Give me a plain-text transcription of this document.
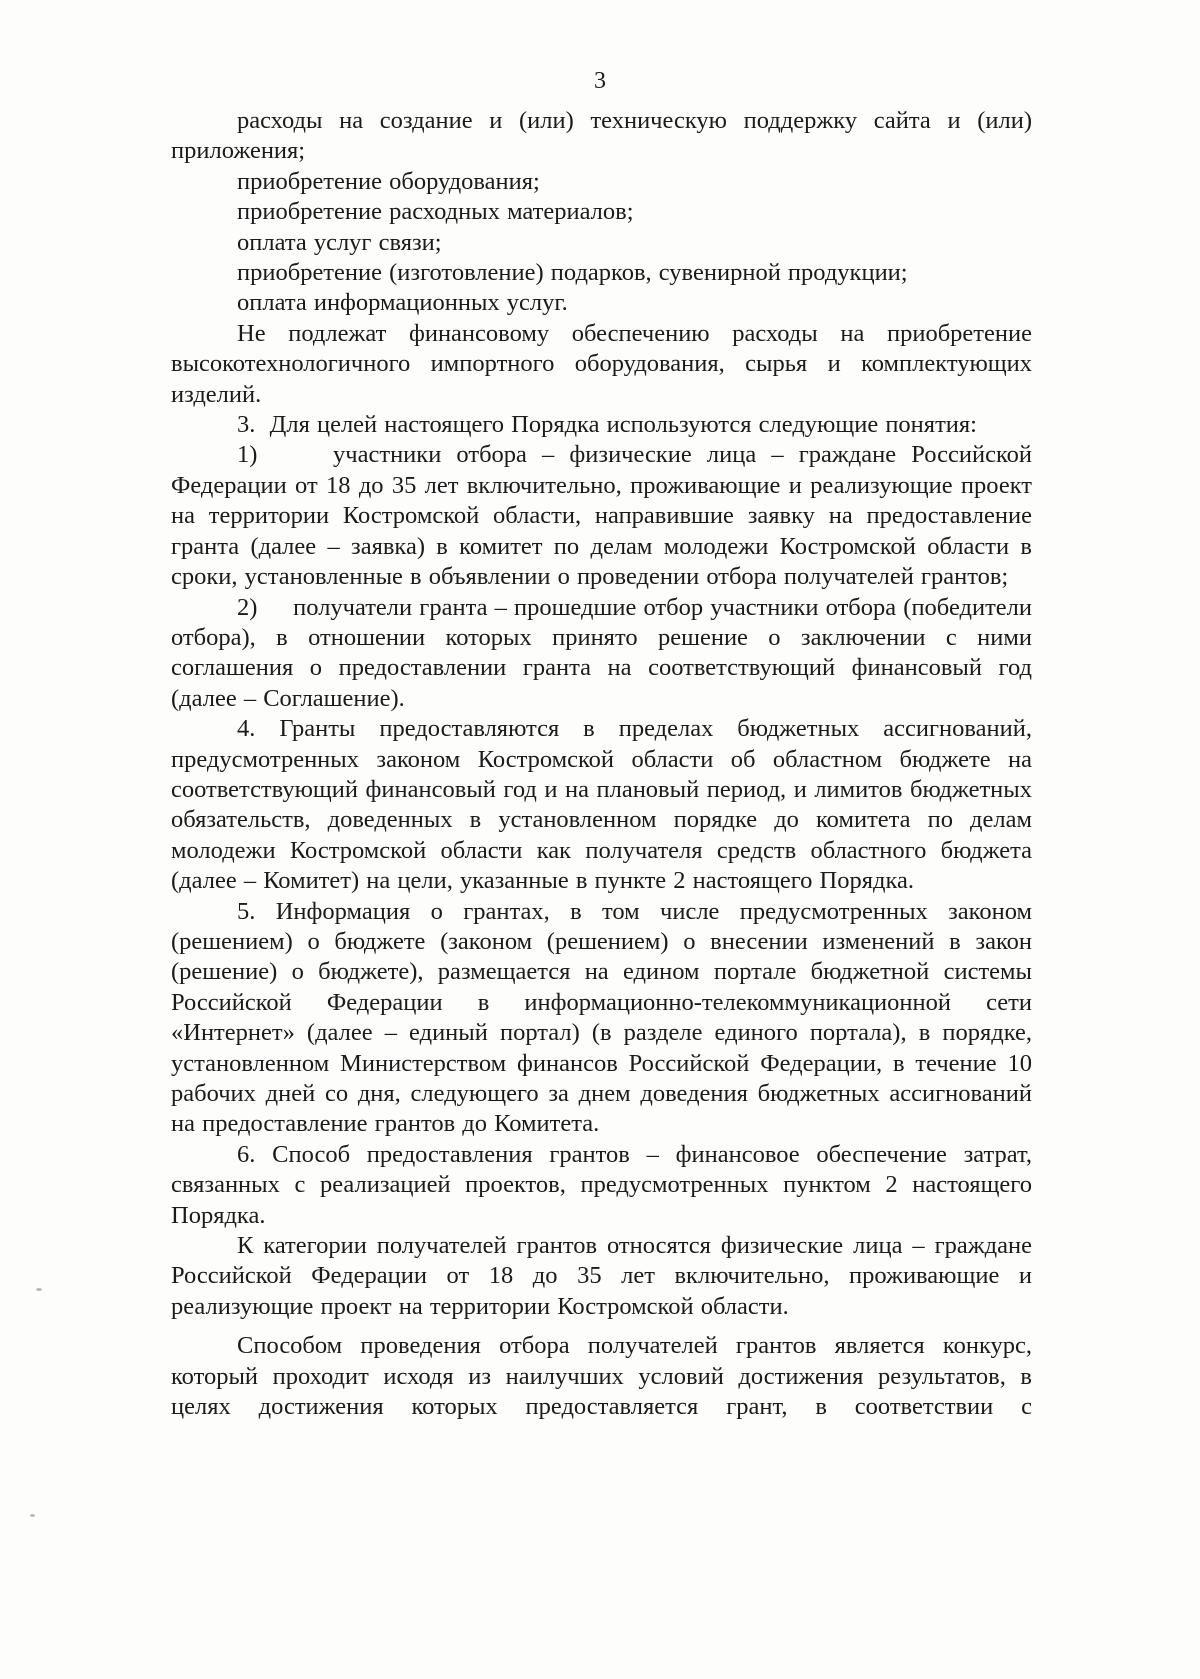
3

расходы на создание и (или) техническую поддержку сайта и (или) приложения;

приобретение оборудования;

приобретение расходных материалов;

оплата услуг связи;

приобретение (изготовление) подарков, сувенирной продукции;

оплата информационных услуг.

Не подлежат финансовому обеспечению расходы на приобретение высокотехнологичного импортного оборудования, сырья и комплектующих изделий.

3.  Для целей настоящего Порядка используются следующие понятия:

1)     участники отбора – физические лица – граждане Российской Федерации от 18 до 35 лет включительно, проживающие и реализующие проект на территории Костромской области, направившие заявку на предоставление гранта (далее – заявка) в комитет по делам молодежи Костромской области в сроки, установленные в объявлении о проведении отбора получателей грантов;

2)     получатели гранта – прошедшие отбор участники отбора (победители отбора), в отношении которых принято решение о заключении с ними соглашения о предоставлении гранта на соответствующий финансовый год (далее – Соглашение).

4. Гранты предоставляются в пределах бюджетных ассигнований, предусмотренных законом Костромской области об областном бюджете на соответствующий финансовый год и на плановый период, и лимитов бюджетных обязательств, доведенных в установленном порядке до комитета по делам молодежи Костромской области как получателя средств областного бюджета (далее – Комитет) на цели, указанные в пункте 2 настоящего Порядка.

5. Информация о грантах, в том числе предусмотренных законом (решением) о бюджете (законом (решением) о внесении изменений в закон (решение) о бюджете), размещается на едином портале бюджетной системы Российской Федерации в информационно-телекоммуникационной сети «Интернет» (далее – единый портал) (в разделе единого портала), в порядке, установленном Министерством финансов Российской Федерации, в течение 10 рабочих дней со дня, следующего за днем доведения бюджетных ассигнований на предоставление грантов до Комитета.

6. Способ предоставления грантов – финансовое обеспечение затрат, связанных с реализацией проектов, предусмотренных пунктом 2 настоящего Порядка.

К категории получателей грантов относятся физические лица – граждане Российской Федерации от 18 до 35 лет включительно, проживающие и реализующие проект на территории Костромской области.

Способом проведения отбора получателей грантов является конкурс, который проходит исходя из наилучших условий достижения результатов, в целях достижения которых предоставляется грант, в соответствии с
